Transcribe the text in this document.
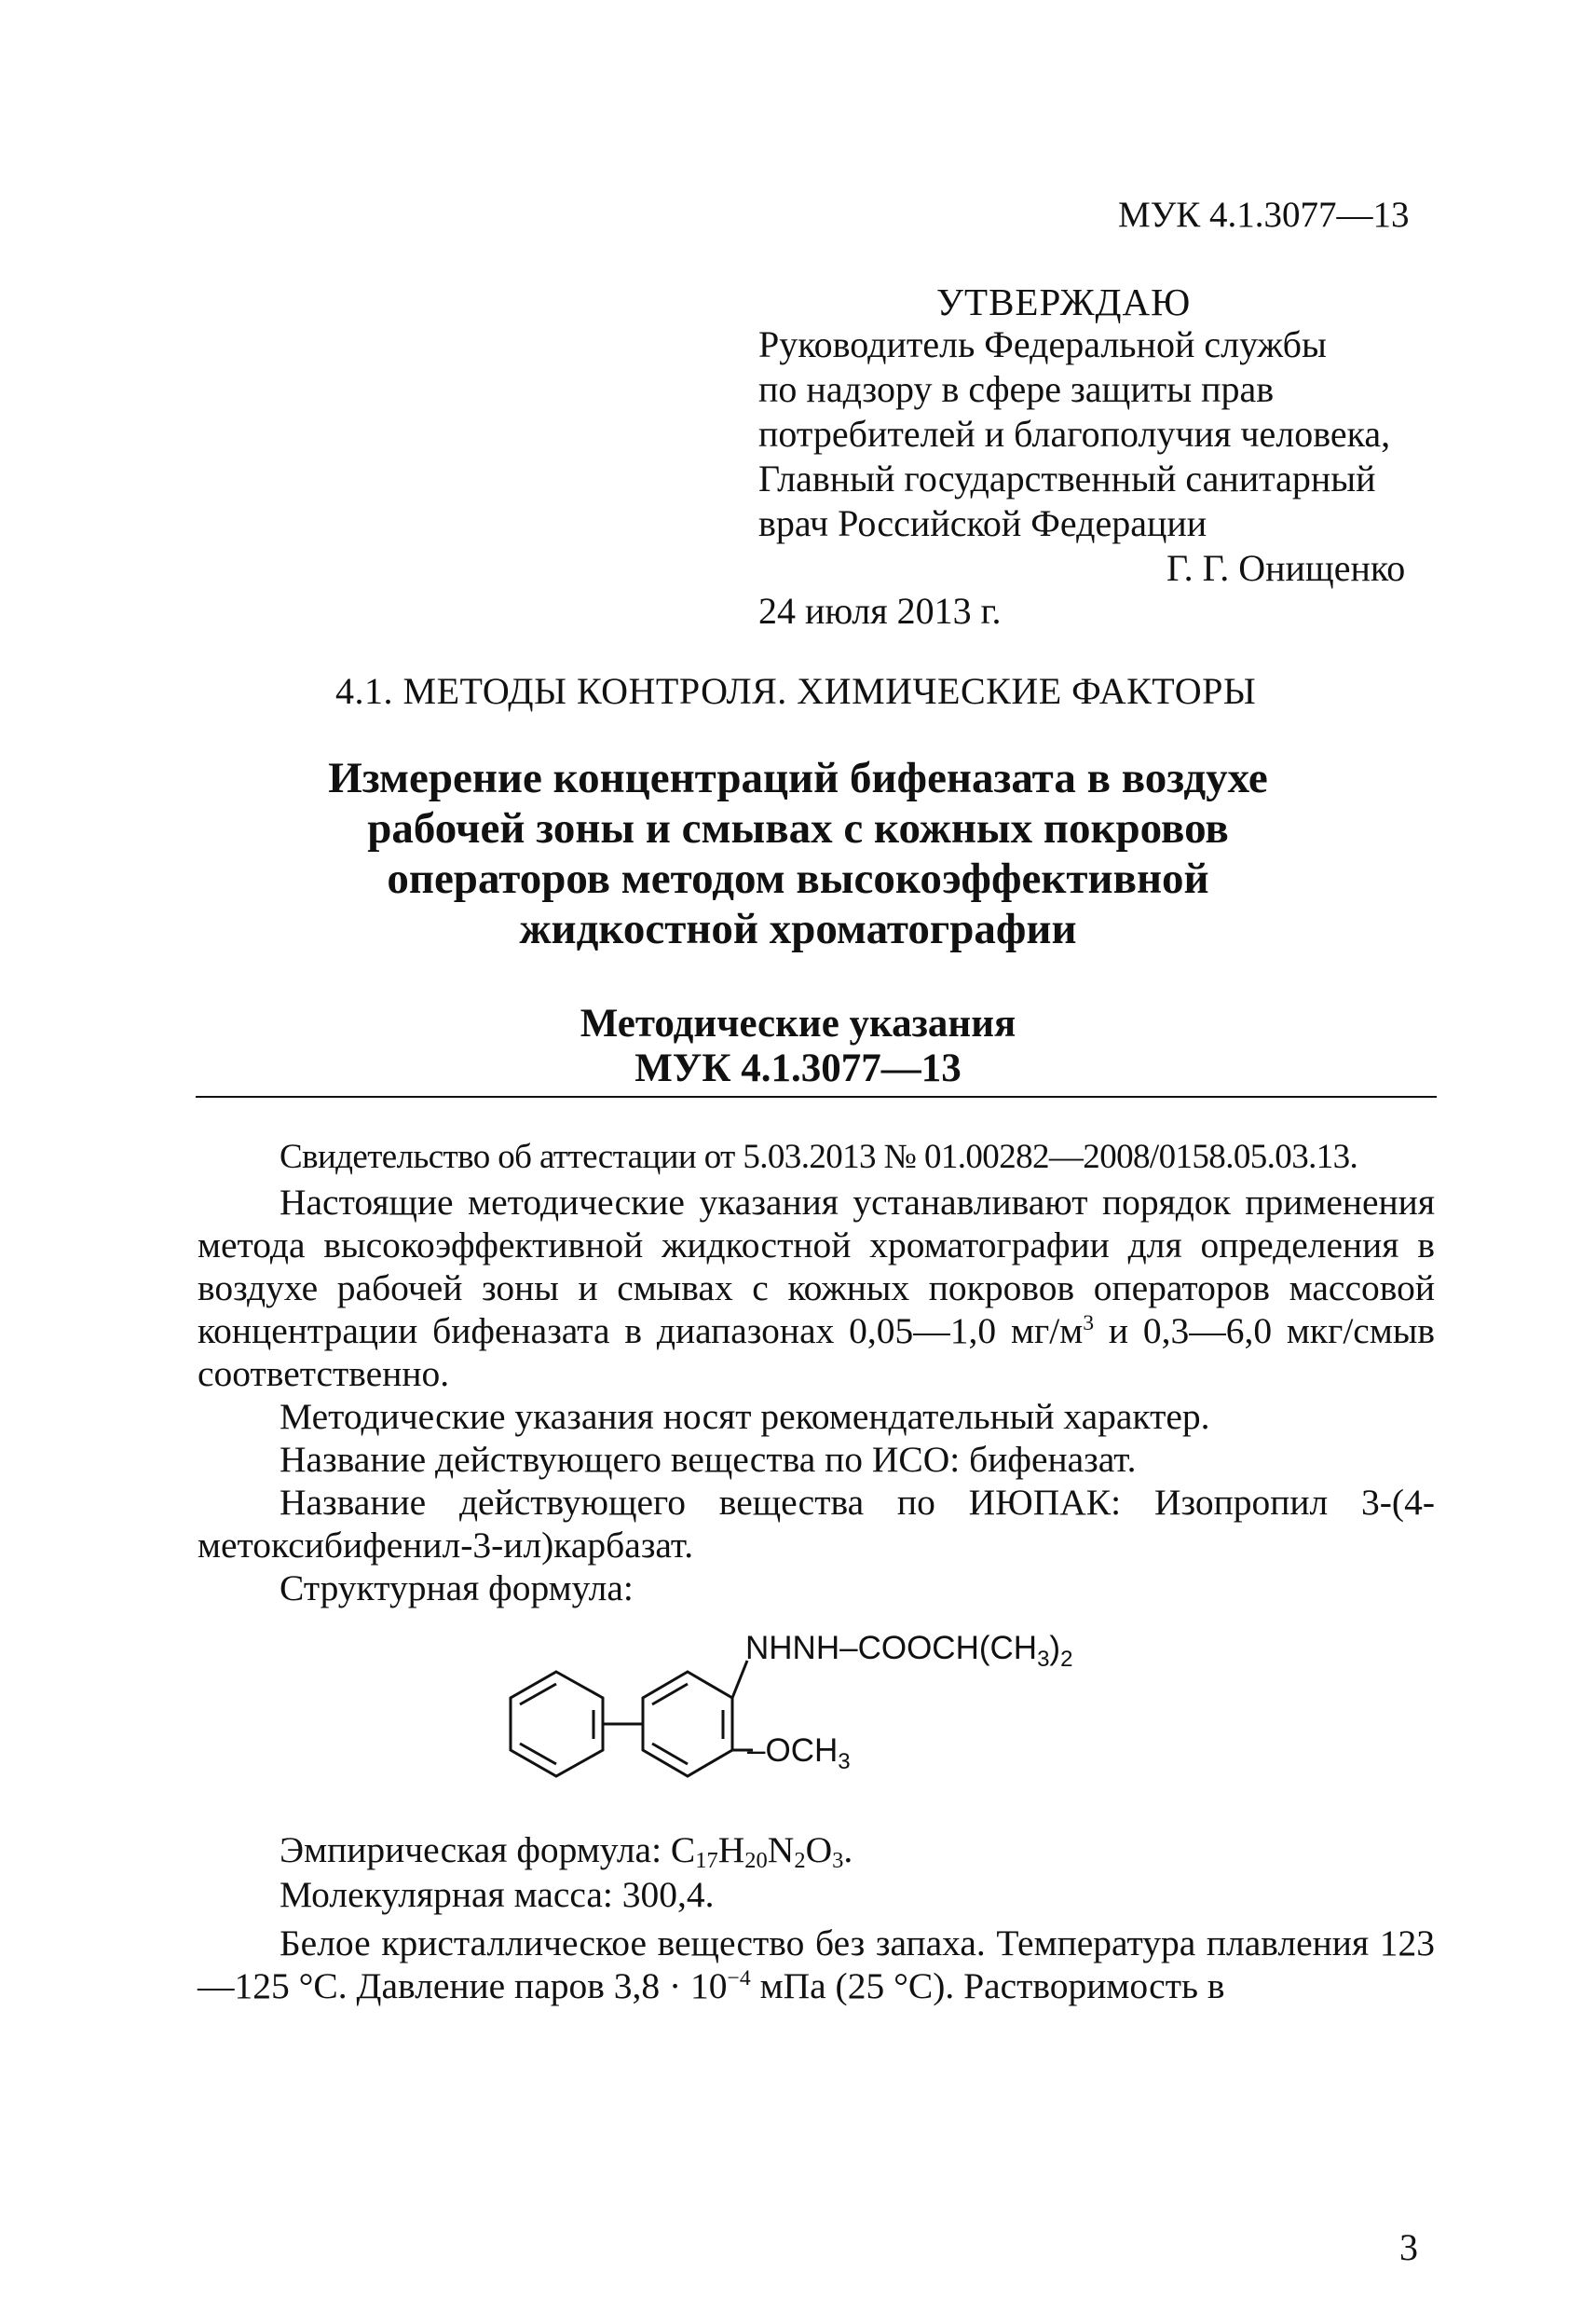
МУК 4.1.3077—13
УТВЕРЖДАЮ
Руководитель Федеральной службы
по надзору в сфере защиты прав
потребителей и благополучия человека,
Главный государственный санитарный
врач Российской Федерации
Г. Г. Онищенко
24 июля 2013 г.
4.1. МЕТОДЫ КОНТРОЛЯ. ХИМИЧЕСКИЕ ФАКТОРЫ
Измерение концентраций бифеназата в воздухе
рабочей зоны и смывах с кожных покровов
операторов методом высокоэффективной
жидкостной хроматографии
Методические указания
МУК 4.1.3077—13
Свидетельство об аттестации от 5.03.2013 № 01.00282—2008/0158.05.03.13.
Настоящие методические указания устанавливают порядок применения метода высокоэффективной жидкостной хроматографии для определения в воздухе рабочей зоны и смывах с кожных покровов операторов массовой концентрации бифеназата в диапазонах 0,05—1,0 $мг/м^3$ и 0,3—6,0 мкг/смыв соответственно.
Методические указания носят рекомендательный характер.
Название действующего вещества по ИСО: бифеназат.
Название действующего вещества по ИЮПАК: Изопропил 3-(4-метоксибифенил-3-ил)карбазат.
Структурная формула:
NHNH–$COOCH(CH_3)_2$
$-OCH_3$
Эмпирическая формула: $C_{17}H_{20}N_2O_3$.
Молекулярная масса: 300,4.
Белое кристаллическое вещество без запаха. Температура плавления 123—125 °C. Давление паров $3,8 \cdot 10^{-4}$ мПа (25 °C). Растворимость в
3
